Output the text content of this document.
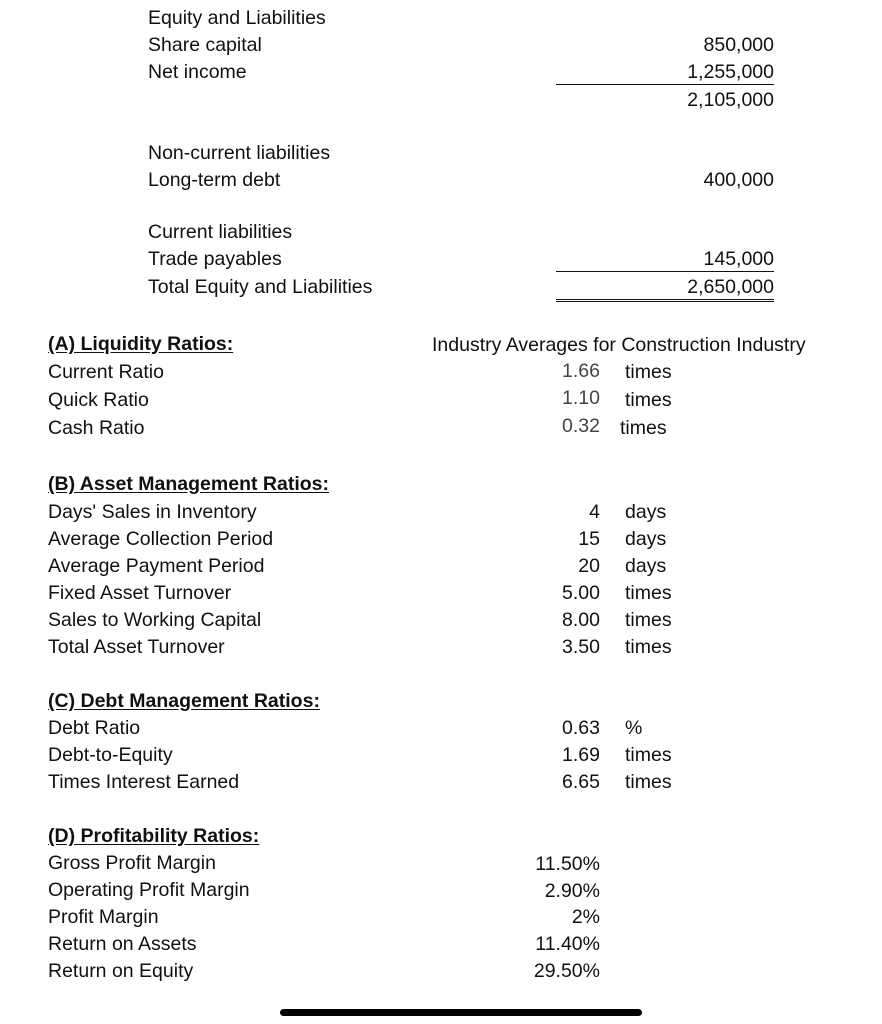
Equity and Liabilities
Share capital	850,000
Net income	1,255,000
2,105,000
Non-current liabilities
Long-term debt	400,000
Current liabilities
Trade payables	145,000
Total Equity and Liabilities	2,650,000
(A) Liquidity Ratios:	Industry Averages for Construction Industry
Current Ratio	1.66 times
Quick Ratio	1.10 times
Cash Ratio	0.32 times
(B) Asset Management Ratios:
Days' Sales in Inventory	4 days
Average Collection Period	15 days
Average Payment Period	20 days
Fixed Asset Turnover	5.00 times
Sales to Working Capital	8.00 times
Total Asset Turnover	3.50 times
(C) Debt Management Ratios:
Debt Ratio	0.63 %
Debt-to-Equity	1.69 times
Times Interest Earned	6.65 times
(D) Profitability Ratios:
Gross Profit Margin	11.50%
Operating Profit Margin	2.90%
Profit Margin	2%
Return on Assets	11.40%
Return on Equity	29.50%
